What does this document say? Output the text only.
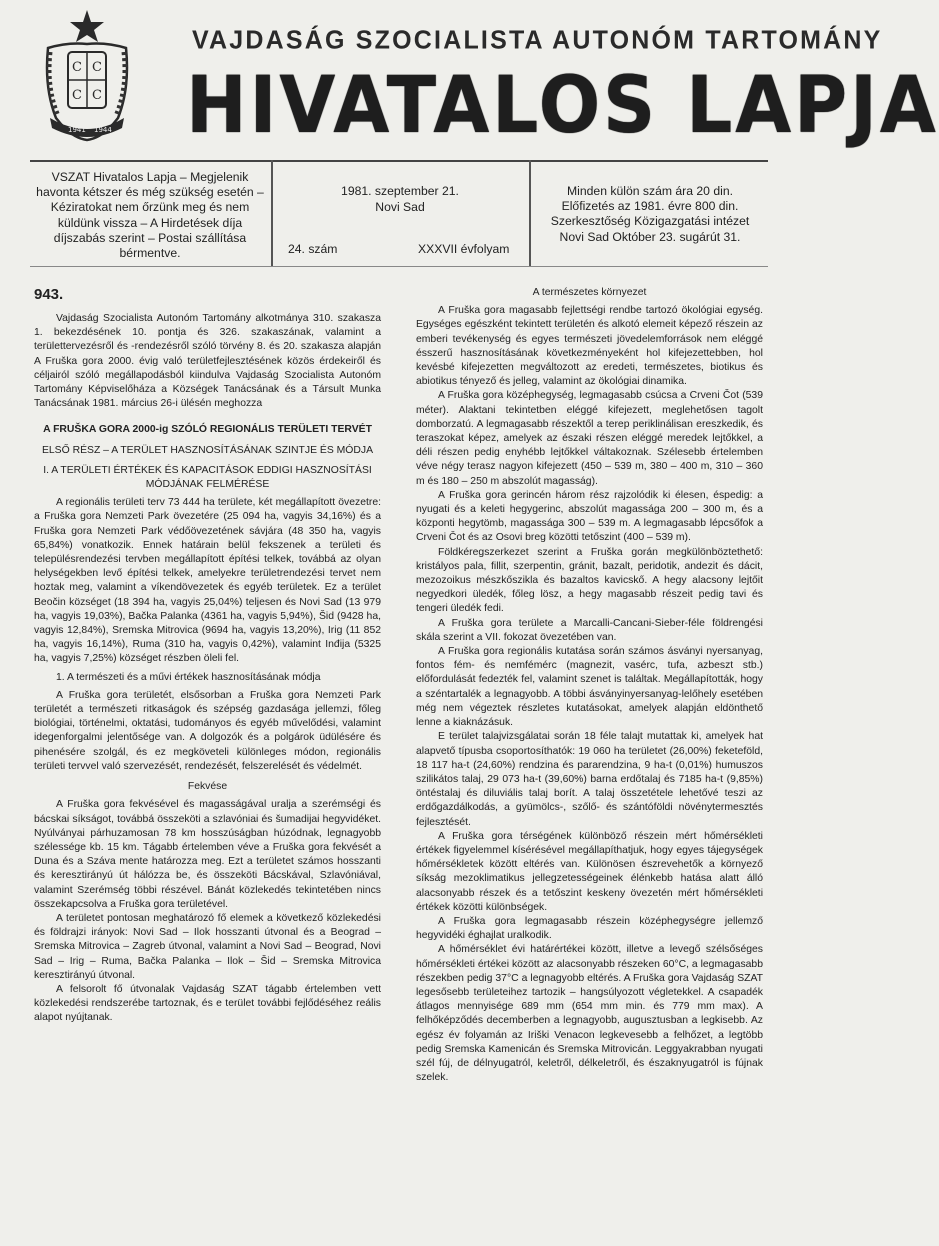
C C
C C
1941 1944
VAJDASÁG SZOCIALISTA AUTONÓM TARTOMÁNY
HIVATALOS LAPJA
VSZAT Hivatalos Lapja – Megjelenik havonta kétszer és még szükség esetén – Kéziratokat nem őrzünk meg és nem küldünk vissza – A Hirdetések díja díjszabás szerint – Postai szállítása bérmentve.
1981. szeptember 21.
Novi Sad
24. szám	XXXVII évfolyam
Minden külön szám ára 20 din. Előfizetés az 1981. évre 800 din. Szerkesztőség Közigazgatási intézet Novi Sad Október 23. sugárút 31.
943.

Vajdaság Szocialista Autonóm Tartomány alkotmánya 310. szakasza 1. bekezdésének 10. pontja és 326. szakaszának, valamint a területtervezésről és -rendezésről szóló törvény 8. és 20. szakasza alapján A Fruška gora 2000. évig való területfejlesztésének közös érdekeiről és céljairól szóló megállapodásból kiindulva Vajdaság Szocialista Autonóm Tartomány Képviselőháza a Községek Tanácsának és a Társult Munka Tanácsának 1981. március 26-i ülésén meghozza

A FRUŠKA GORA 2000-ig SZÓLÓ REGIONÁLIS TERÜLETI TERVÉT

ELSŐ RÉSZ – A TERÜLET HASZNOSÍTÁSÁNAK SZINTJE ÉS MÓDJA

I. A TERÜLETI ÉRTÉKEK ÉS KAPACITÁSOK EDDIGI HASZNOSÍTÁSI MÓDJÁNAK FELMÉRÉSE

A regionális területi terv 73 444 ha területe, két megállapított övezetre: a Fruška gora Nemzeti Park övezetére (25 094 ha, vagyis 34,16%) és a Fruška gora Nemzeti Park védőövezetének sávjára (48 350 ha, vagyis 65,84%) vonatkozik. Ennek határain belül fekszenek a területi és településrendezési tervben megállapított építési telkek, továbbá az olyan helységekben levő építési telkek, amelyekre területrendezési tervet nem hoztak meg, valamint a víkendövezetek és egyéb területek. Ez a terület Beočin községet (18 394 ha, vagyis 25,04%) teljesen és Novi Sad (13 979 ha, vagyis 19,03%), Bačka Palanka (4361 ha, vagyis 5,94%), Šid (9428 ha, vagyis 12,84%), Sremska Mitrovica (9694 ha, vagyis 13,20%), Irig (11 852 ha, vagyis 16,14%), Ruma (310 ha, vagyis 0,42%), valamint Inđija (5325 ha, vagyis 7,25%) községet részben öleli fel.

1. A természeti és a művi értékek hasznosításának módja

A Fruška gora területét, elsősorban a Fruška gora Nemzeti Park területét a természeti ritkaságok és szépség gazdasága jellemzi, főleg biológiai, történelmi, oktatási, tudományos és egyéb művelődési, valamint idegenforgalmi jelentősége van. A dolgozók és a polgárok üdülésére és pihenésére szolgál, és ez megköveteli különleges módon, regionális területi tervvel való szervezését, rendezését, felszerelését és védelmét.

Fekvése

A Fruška gora fekvésével és magasságával uralja a szerémségi és bácskai síkságot, továbbá összeköti a szlavóniai és šumadijai hegyvidéket. Nyúlványai párhuzamosan 78 km hosszúságban húzódnak, legnagyobb szélessége kb. 15 km. Tágabb értelemben véve a Fruška gora fekvését a Duna és a Száva mente határozza meg. Ezt a területet számos hosszanti és keresztirányú út hálózza be, és összeköti Bácskával, Szlavóniával, valamint Szerémség többi részével. Bánát közlekedés tekintetében nincs összekapcsolva a Fruška gora területével.

A területet pontosan meghatározó fő elemek a következő közlekedési és földrajzi irányok: Novi Sad – Ilok hosszanti útvonal és a Beograd – Sremska Mitrovica – Zagreb útvonal, valamint a Novi Sad – Beograd, Novi Sad – Irig – Ruma, Bačka Palanka – Ilok – Šid – Sremska Mitrovica keresztirányú útvonal.

A felsorolt fő útvonalak Vajdaság SZAT tágabb értelemben vett közlekedési rendszerébe tartoznak, és e terület további fejlődéséhez reális alapot nyújtanak.

A természetes környezet

A Fruška gora magasabb fejlettségi rendbe tartozó ökológiai egység. Egységes egészként tekintett területén és alkotó elemeit képező részein az emberi tevékenység és egyes természeti jövedelemforrások nem eléggé ésszerű hasznosításának következményeként hol kifejezettebben, hol kevésbé kifejezetten megváltozott az eredeti, természetes, biotikus és abiotikus tényező és jelleg, valamint az ökológiai dinamika.

A Fruška gora középhegység, legmagasabb csúcsa a Crveni Čot (539 méter). Alaktani tekintetben eléggé kifejezett, meglehetősen tagolt domborzatú. A legmagasabb részektől a terep periklinálisan ereszkedik, és teraszokat képez, amelyek az északi részen eléggé meredek lejtőkkel, a déli részen pedig enyhébb lejtőkkel váltakoznak. Szélesebb értelemben véve négy terasz nagyon kifejezett (450 – 539 m, 380 – 400 m, 310 – 360 m és 180 – 250 m abszolút magasság).

A Fruška gora gerincén három rész rajzolódik ki élesen, éspedig: a nyugati és a keleti hegygerinc, abszolút magassága 200 – 300 m, és a központi hegytömb, magassága 300 – 539 m. A legmagasabb lépcsőfok a Crveni Čot és az Osovi breg közötti tetőszint (400 – 539 m).

Földkéregszerkezet szerint a Fruška gorán megkülönböztethető: kristályos pala, fillit, szerpentin, gránit, bazalt, peridotik, andezit és dácit, mezozoikus mészkőszikla és bazaltos kavicskő. A hegy alacsony lejtőit negyedkori üledék, főleg lösz, a hegy magasabb részeit pedig tavi és tengeri üledék fedi.

A Fruška gora területe a Marcalli-Cancani-Sieber-féle földrengési skála szerint a VII. fokozat övezetében van.

A Fruška gora regionális kutatása során számos ásványi nyersanyag, fontos fém- és nemfémérc (magnezit, vasérc, tufa, azbeszt stb.) előfordulását fedezték fel, valamint szenet is találtak. Megállapították, hogy a széntartalék a legnagyobb. A többi ásványinyersanyag-lelőhely esetében még nem végeztek részletes kutatásokat, amelyek alapján eldönthető lenne a kiaknázásuk.

E terület talajvizsgálatai során 18 féle talajt mutattak ki, amelyek hat alapvető típusba csoportosíthatók: 19 060 ha területet (26,00%) feketeföld, 18 117 ha-t (24,60%) rendzina és pararendzina, 9 ha-t (0,01%) humuszos szilikátos talaj, 29 073 ha-t (39,60%) barna erdőtalaj és 7185 ha-t (9,85%) öntéstalaj és diluviális talaj borít. A talaj összetétele lehetővé teszi az erdőgazdálkodás, a gyümölcs-, szőlő- és szántóföldi növénytermesztés fejlesztését.

A Fruška gora térségének különböző részein mért hőmérsékleti értékek figyelemmel kísérésével megállapíthatjuk, hogy egyes tájegységek hőmérsékletek között eltérés van. Különösen észrevehetők a környező síkság mezoklimatikus jellegzetességeinek élénkebb hatása alatt álló alacsonyabb részek és a tetőszint keskeny övezetén mért hőmérsékleti értékek közötti különbségek.

A Fruška gora legmagasabb részein középhegységre jellemző hegyvidéki éghajlat uralkodik.

A hőmérséklet évi határértékei között, illetve a levegő szélsőséges hőmérsékleti értékei között az alacsonyabb részeken 60°C, a legmagasabb részekben pedig 37°C a legnagyobb eltérés. A Fruška gora Vajdaság SZAT legesősebb területeihez tartozik – hangsúlyozott végletekkel. A csapadék átlagos mennyisége 689 mm (654 mm min. és 779 mm max). A felhőképződés decemberben a legnagyobb, augusztusban a legkisebb. Az egész év folyamán az Iriški Venacon legkevesebb a felhőzet, a legtöbb pedig Sremska Kamenicán és Sremska Mitrovicán. Leggyakrabban nyugati szél fúj, de délnyugatról, keletről, délkeletről, és északnyugatról is fújnak szelek.
